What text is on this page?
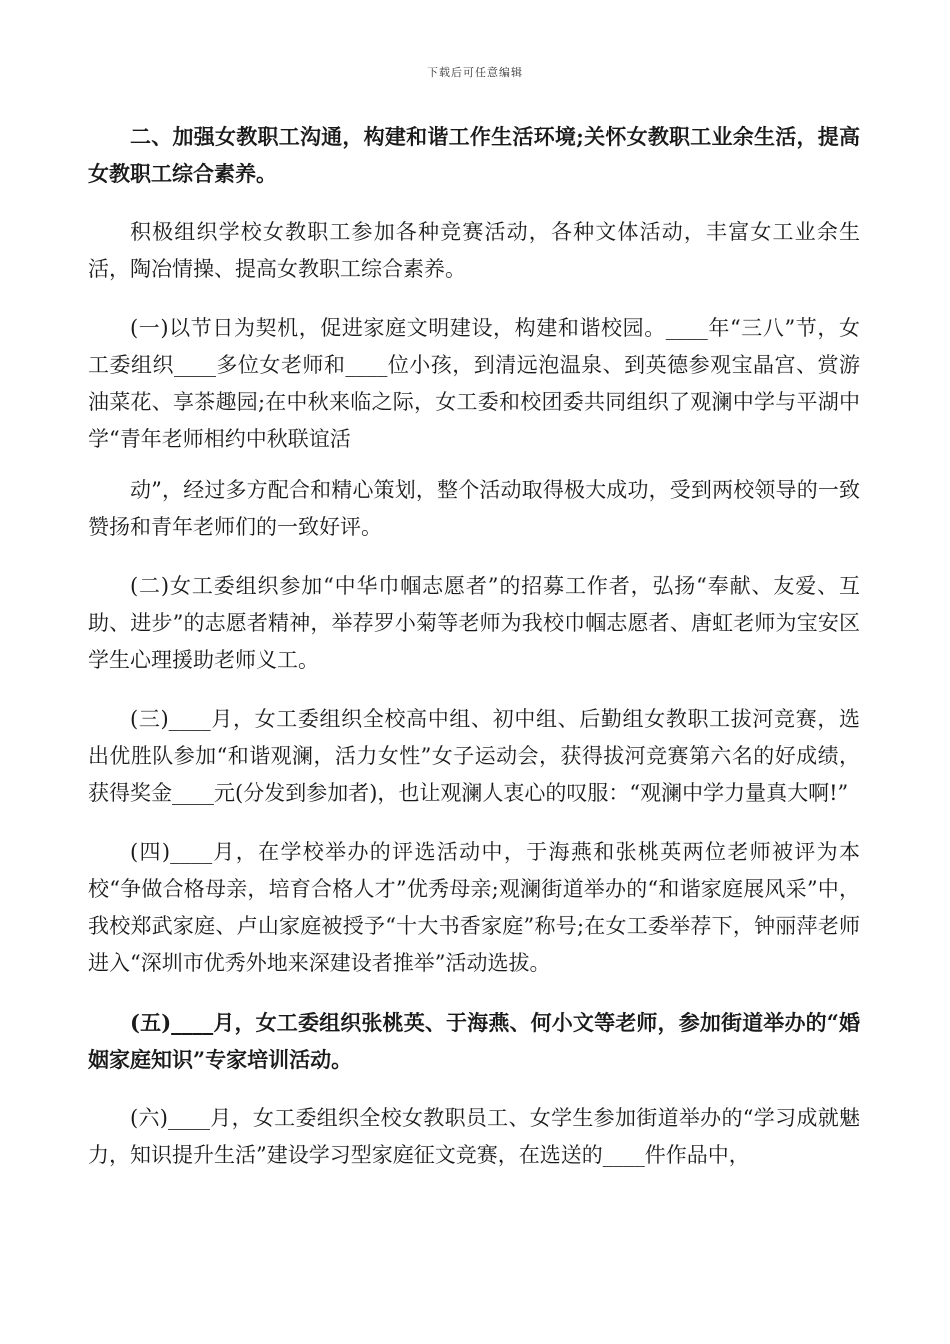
下载后可任意编辑

二、加强女教职工沟通，构建和谐工作生活环境;关怀女教职工业余生活，提高女教职工综合素养。

积极组织学校女教职工参加各种竞赛活动，各种文体活动，丰富女工业余生活，陶冶情操、提高女教职工综合素养。

(一)以节日为契机，促进家庭文明建设，构建和谐校园。____年“三八”节，女工委组织____多位女老师和____位小孩，到清远泡温泉、到英德参观宝晶宫、赏游油菜花、享茶趣园;在中秋来临之际，女工委和校团委共同组织了观澜中学与平湖中学“青年老师相约中秋联谊活

动”，经过多方配合和精心策划，整个活动取得极大成功，受到两校领导的一致赞扬和青年老师们的一致好评。

(二)女工委组织参加“中华巾帼志愿者”的招募工作者，弘扬“奉献、友爱、互助、进步”的志愿者精神，举荐罗小菊等老师为我校巾帼志愿者、唐虹老师为宝安区学生心理援助老师义工。

(三)____月，女工委组织全校高中组、初中组、后勤组女教职工拔河竞赛，选出优胜队参加“和谐观澜，活力女性”女子运动会，获得拔河竞赛第六名的好成绩，获得奖金____元(分发到参加者)，也让观澜人衷心的叹服：“观澜中学力量真大啊!”

(四)____月，在学校举办的评选活动中，于海燕和张桃英两位老师被评为本校“争做合格母亲，培育合格人才”优秀母亲;观澜街道举办的“和谐家庭展风采”中，我校郑武家庭、卢山家庭被授予“十大书香家庭”称号;在女工委举荐下，钟丽萍老师进入“深圳市优秀外地来深建设者推举”活动选拔。

(五)____月，女工委组织张桃英、于海燕、何小文等老师，参加街道举办的“婚姻家庭知识”专家培训活动。

(六)____月，女工委组织全校女教职员工、女学生参加街道举办的“学习成就魅力，知识提升生活”建设学习型家庭征文竞赛，在选送的____件作品中，
